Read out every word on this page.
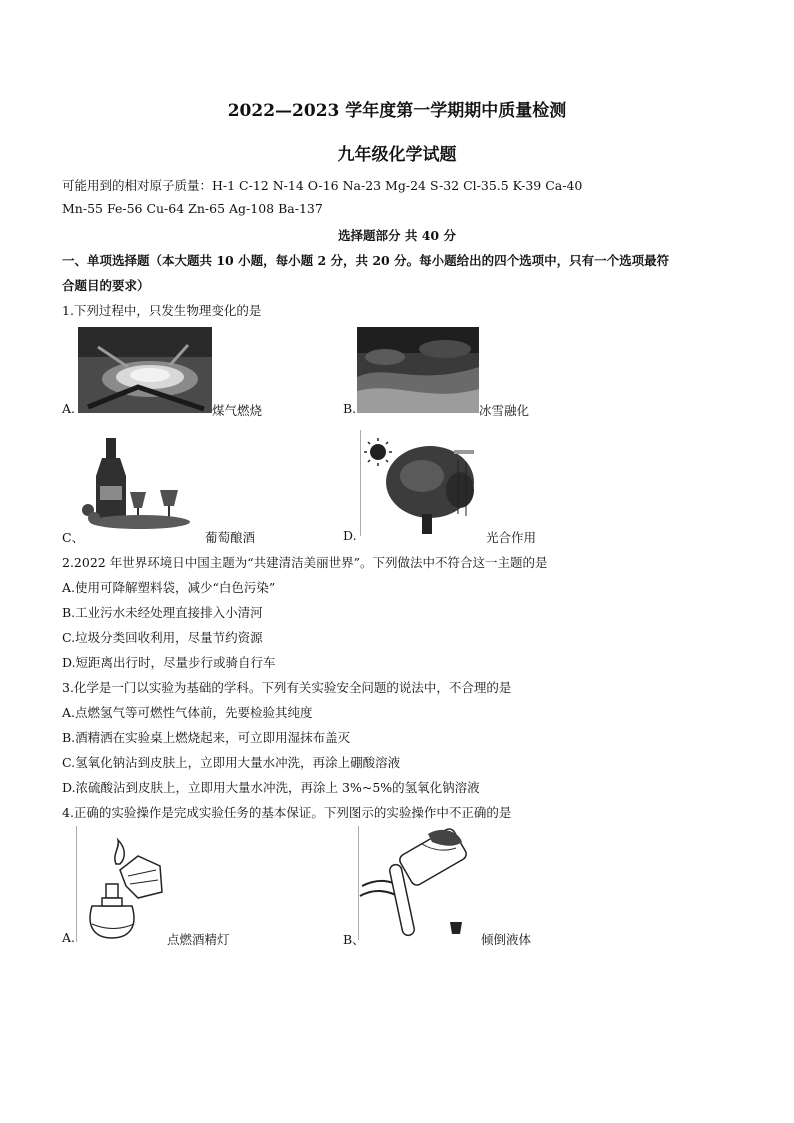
2022—2023 学年度第一学期期中质量检测
九年级化学试题
可能用到的相对原子质量：H-1 C-12 N-14 O-16 Na-23 Mg-24 S-32 Cl-35.5 K-39 Ca-40
Mn-55 Fe-56 Cu-64 Zn-65 Ag-108 Ba-137
选择题部分 共 40 分
一、单项选择题（本大题共 10 小题，每小题 2 分，共 20 分。每小题给出的四个选项中，只有一个选项最符
合题目的要求）
1.下列过程中，只发生物理变化的是
A.	煤气燃烧	B.	冰雪融化
C、	葡萄酿酒	D.	光合作用
2.2022 年世界环境日中国主题为“共建清洁美丽世界”。下列做法中不符合这一主题的是
A.使用可降解塑料袋，减少“白色污染”
B.工业污水未经处理直接排入小清河
C.垃圾分类回收利用，尽量节约资源
D.短距离出行时，尽量步行或骑自行车
3.化学是一门以实验为基础的学科。下列有关实验安全问题的说法中，不合理的是
A.点燃氢气等可燃性气体前，先要检验其纯度
B.酒精洒在实验桌上燃烧起来，可立即用湿抹布盖灭
C.氢氧化钠沾到皮肤上，立即用大量水冲洗，再涂上硼酸溶液
D.浓硫酸沾到皮肤上，立即用大量水冲洗，再涂上 3%~5%的氢氧化钠溶液
4.正确的实验操作是完成实验任务的基本保证。下列图示的实验操作中不正确的是
A.	点燃酒精灯	B、	倾倒液体
